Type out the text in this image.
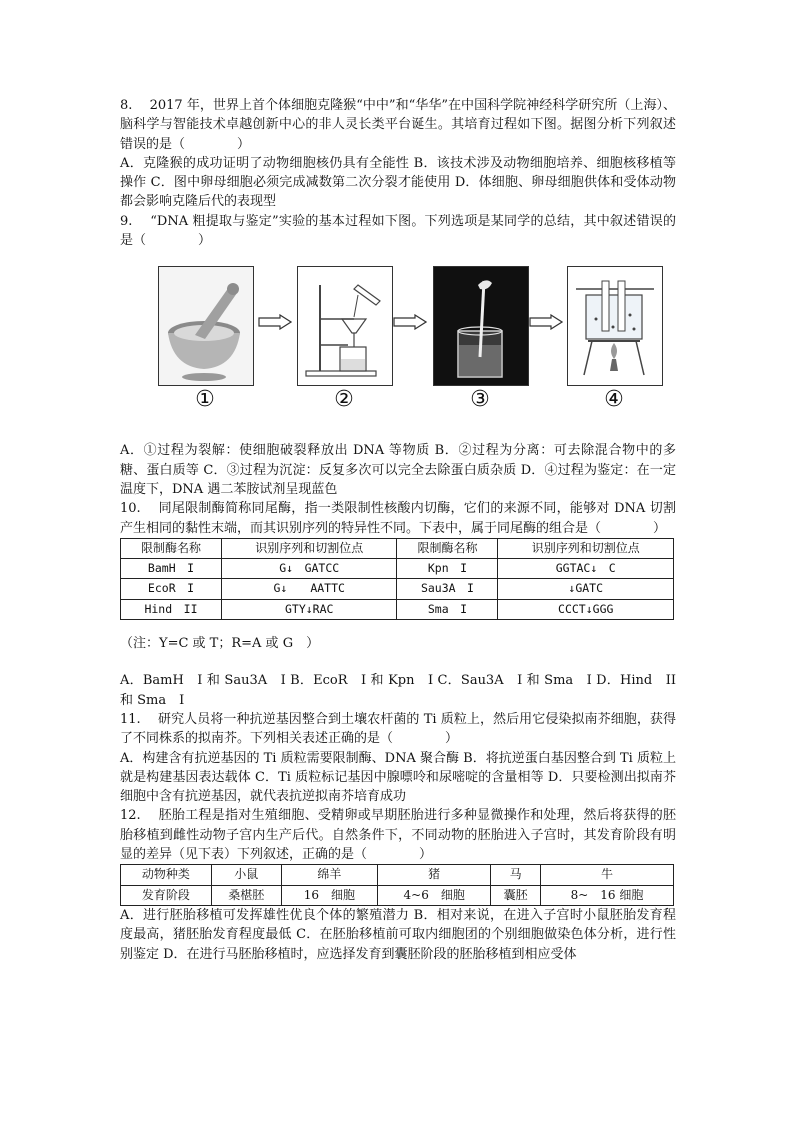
8.　 2017 年，世界上首个体细胞克隆猴“中中”和“华华”在中国科学院神经科学研究所（上海）、脑科学与智能技术卓越创新中心的非人灵长类平台诞生。其培育过程如下图。据图分析下列叙述错误的是（　　　　）

A．克隆猴的成功证明了动物细胞核仍具有全能性 B．该技术涉及动物细胞培养、细胞核移植等操作 C．图中卵母细胞必须完成减数第二次分裂才能使用 D．体细胞、卵母细胞供体和受体动物都会影响克隆后代的表现型

9.　 “DNA 粗提取与鉴定”实验的基本过程如下图。下列选项是某同学的总结，其中叙述错误的是（　　　　）

①	②	③	④

A．①过程为裂解：使细胞破裂释放出 DNA 等物质 B．②过程为分离：可去除混合物中的多糖、蛋白质等 C．③过程为沉淀：反复多次可以完全去除蛋白质杂质 D．④过程为鉴定：在一定温度下，DNA 遇二苯胺试剂呈现蓝色

10.　 同尾限制酶简称同尾酶，指一类限制性核酸内切酶，它们的来源不同，能够对 DNA 切割产生相同的黏性末端，而其识别序列的特异性不同。下表中，属于同尾酶的组合是（　　　　）

限制酶名称	识别序列和切割位点	限制酶名称	识别序列和切割位点
BamH　I	G↓　GATCC	Kpn　I	GGTAC↓　C
EcoR　I	G↓　　AATTC	Sau3A　I	↓GATC
Hind　II	GTY↓RAC	Sma　I	CCCT↓GGG

（注：Y=C 或 T；R=A 或 G　）

A．BamH　I 和 Sau3A　I B．EcoR　I 和 Kpn　I C．Sau3A　I 和 Sma　I D．Hind　II 和 Sma　I

11.　 研究人员将一种抗逆基因整合到土壤农杆菌的 Ti 质粒上，然后用它侵染拟南芥细胞，获得了不同株系的拟南芥。下列相关表述正确的是（　　　　）

A．构建含有抗逆基因的 Ti 质粒需要限制酶、DNA 聚合酶 B．将抗逆蛋白基因整合到 Ti 质粒上就是构建基因表达载体 C．Ti 质粒标记基因中腺嘌呤和尿嘧啶的含量相等 D．只要检测出拟南芥细胞中含有抗逆基因，就代表抗逆拟南芥培育成功

12.　 胚胎工程是指对生殖细胞、受精卵或早期胚胎进行多种显微操作和处理，然后将获得的胚胎移植到雌性动物子宫内生产后代。自然条件下，不同动物的胚胎进入子宫时，其发育阶段有明显的差异（见下表）下列叙述，正确的是（　　　　）

动物种类	小鼠	绵羊	猪	马	牛
发育阶段	桑椹胚	16　细胞	4~6　细胞	囊胚	8~　16 细胞

A．进行胚胎移植可发挥雄性优良个体的繁殖潜力 B．相对来说，在进入子宫时小鼠胚胎发育程度最高，猪胚胎发育程度最低 C．在胚胎移植前可取内细胞团的个别细胞做染色体分析，进行性别鉴定 D．在进行马胚胎移植时，应选择发育到囊胚阶段的胚胎移植到相应受体
